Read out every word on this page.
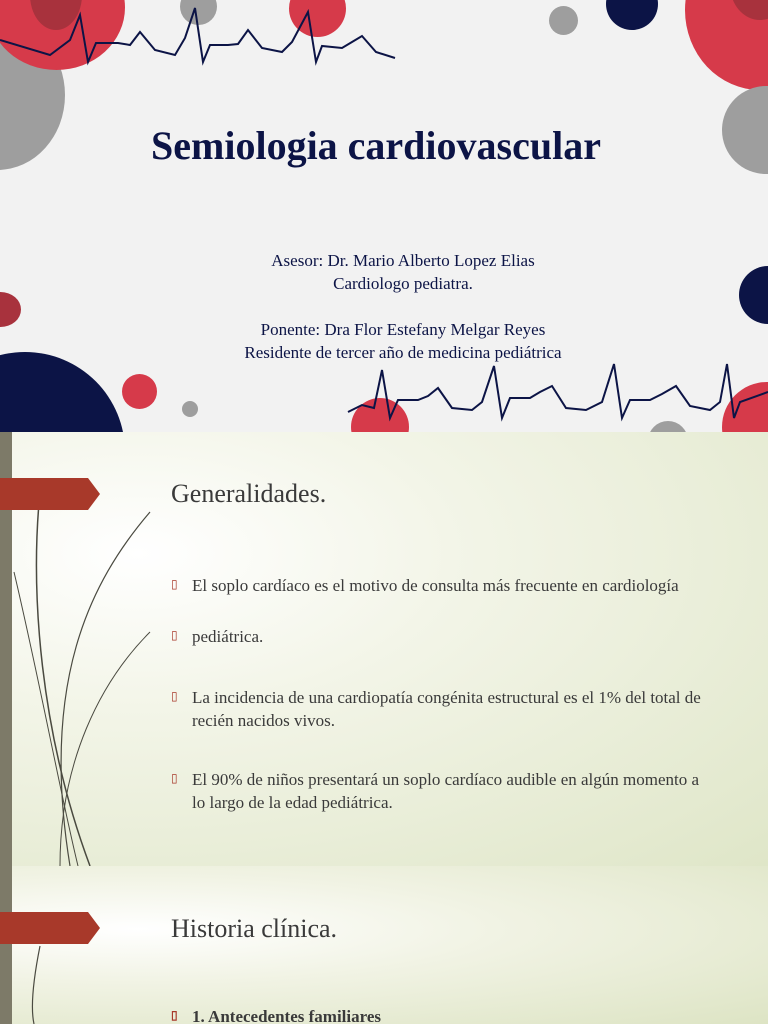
Semiologia cardiovascular
Asesor: Dr. Mario Alberto Lopez Elias
Cardiologo pediatra.
Ponente: Dra Flor Estefany Melgar Reyes
Residente de tercer año de medicina pediátrica
Generalidades.
▯ El soplo cardíaco es el motivo de consulta más frecuente en cardiología
▯ pediátrica.
▯ La incidencia de una cardiopatía congénita estructural es el 1% del total de recién nacidos vivos.
▯ El 90% de niños presentará un soplo cardíaco audible en algún momento a lo largo de la edad pediátrica.
Historia clínica.
▯ 1. Antecedentes familiares
